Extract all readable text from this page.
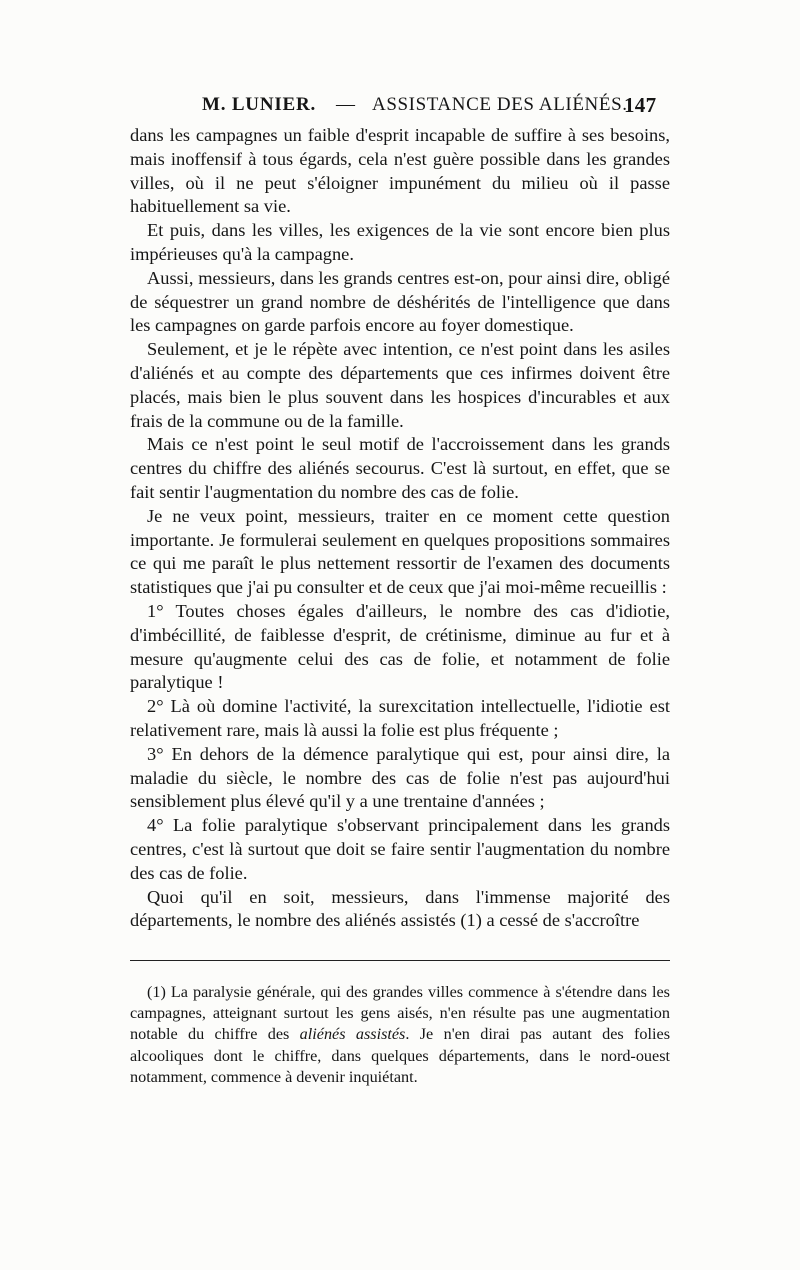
M. LUNIER. — ASSISTANCE DES ALIÉNÉS.
147

dans les campagnes un faible d'esprit incapable de suffire à ses besoins, mais inoffensif à tous égards, cela n'est guère possible dans les grandes villes, où il ne peut s'éloigner impunément du milieu où il passe habituellement sa vie.

Et puis, dans les villes, les exigences de la vie sont encore bien plus impérieuses qu'à la campagne.

Aussi, messieurs, dans les grands centres est-on, pour ainsi dire, obligé de séquestrer un grand nombre de déshérités de l'intelligence que dans les campagnes on garde parfois encore au foyer domestique.

Seulement, et je le répète avec intention, ce n'est point dans les asiles d'aliénés et au compte des départements que ces infirmes doivent être placés, mais bien le plus souvent dans les hospices d'incurables et aux frais de la commune ou de la famille.

Mais ce n'est point le seul motif de l'accroissement dans les grands centres du chiffre des aliénés secourus. C'est là surtout, en effet, que se fait sentir l'augmentation du nombre des cas de folie.

Je ne veux point, messieurs, traiter en ce moment cette question importante. Je formulerai seulement en quelques propositions sommaires ce qui me paraît le plus nettement ressortir de l'examen des documents statistiques que j'ai pu consulter et de ceux que j'ai moi-même recueillis :

1° Toutes choses égales d'ailleurs, le nombre des cas d'idiotie, d'imbécillité, de faiblesse d'esprit, de crétinisme, diminue au fur et à mesure qu'augmente celui des cas de folie, et notamment de folie paralytique !

2° Là où domine l'activité, la surexcitation intellectuelle, l'idiotie est relativement rare, mais là aussi la folie est plus fréquente ;

3° En dehors de la démence paralytique qui est, pour ainsi dire, la maladie du siècle, le nombre des cas de folie n'est pas aujourd'hui sensiblement plus élevé qu'il y a une trentaine d'années ;

4° La folie paralytique s'observant principalement dans les grands centres, c'est là surtout que doit se faire sentir l'augmentation du nombre des cas de folie.

Quoi qu'il en soit, messieurs, dans l'immense majorité des départements, le nombre des aliénés assistés (1) a cessé de s'accroître

(1) La paralysie générale, qui des grandes villes commence à s'étendre dans les campagnes, atteignant surtout les gens aisés, n'en résulte pas une augmentation notable du chiffre des aliénés assistés. Je n'en dirai pas autant des folies alcooliques dont le chiffre, dans quelques départements, dans le nord-ouest notamment, commence à devenir inquiétant.
